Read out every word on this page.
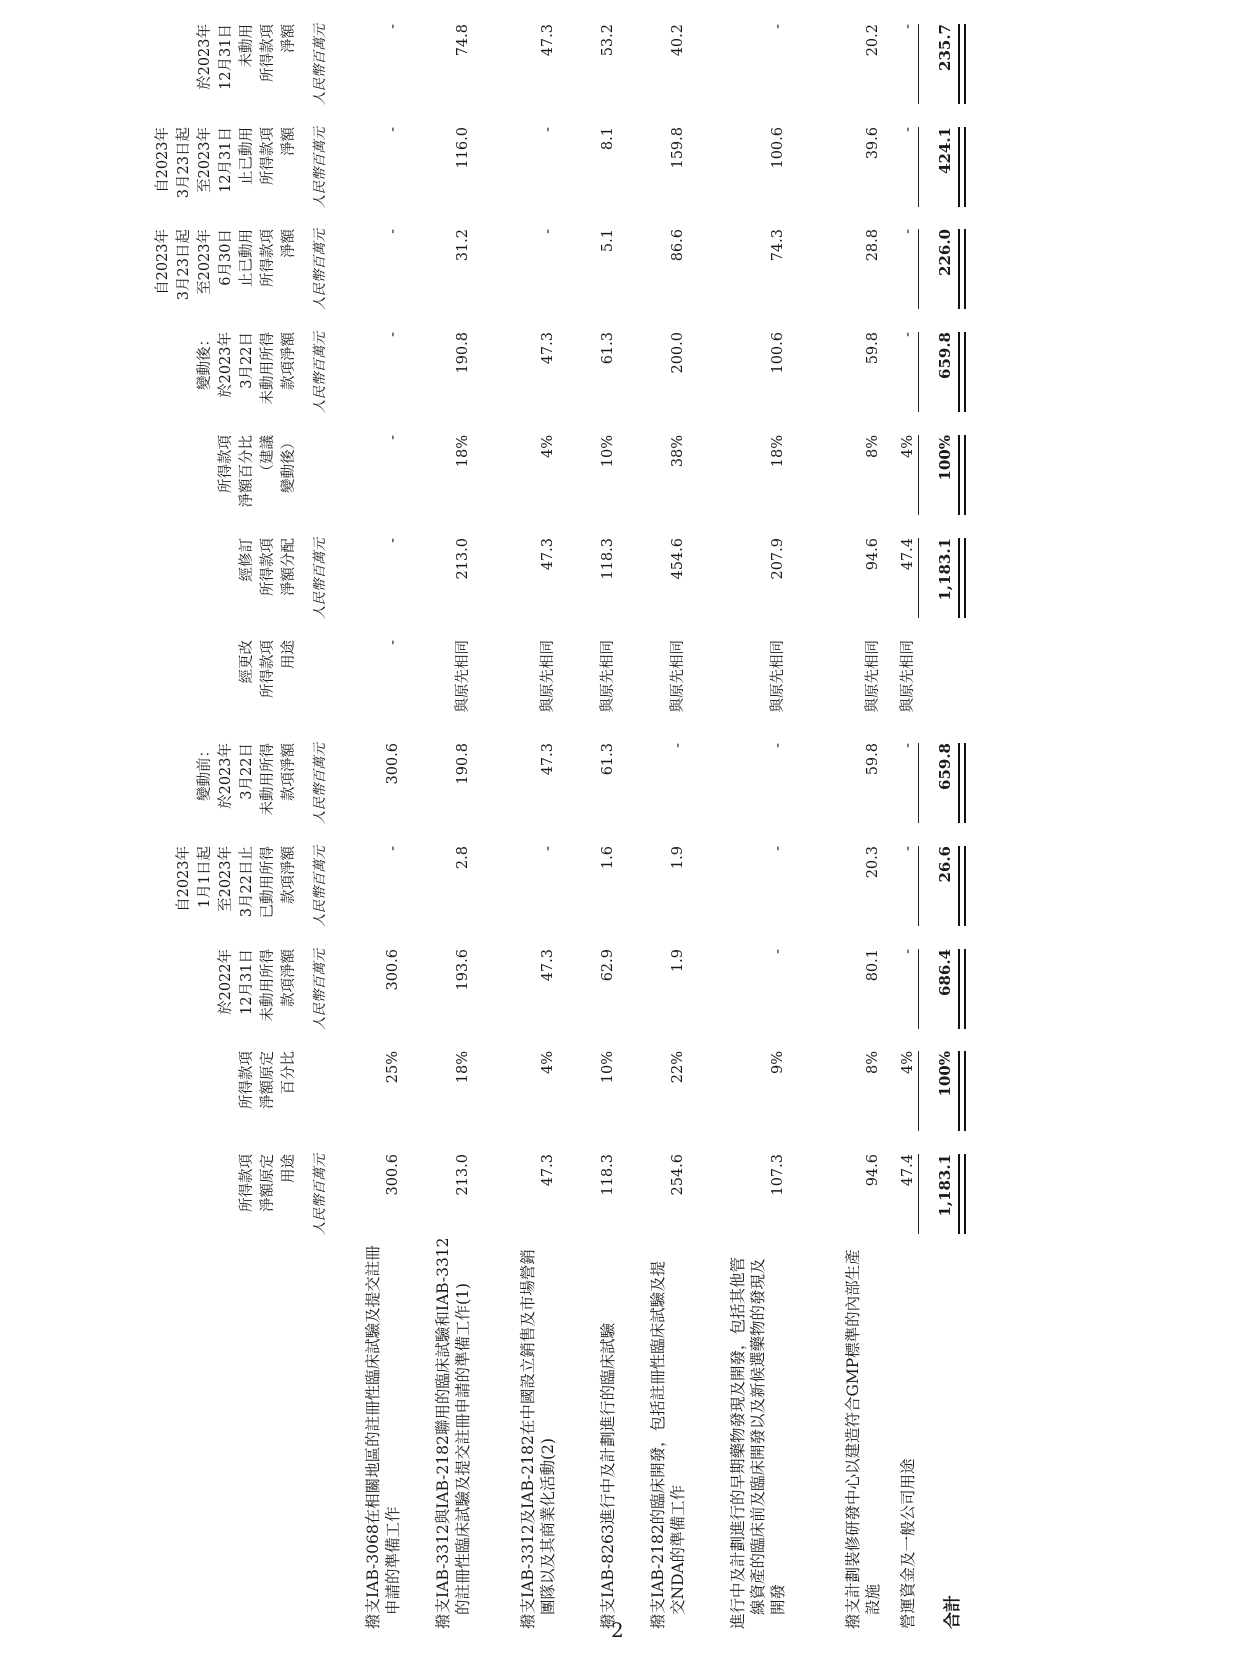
所得款項
淨額原定
用途 人民幣百萬元
所得款項
淨額原定
百分比
於2022年
12月31日
未動用所得
款項淨額 人民幣百萬元
自2023年
1月1日起
至2023年
3月22日止
已動用所得
款項淨額 人民幣百萬元
變動前：
於2023年
3月22日
未動用所得
款項淨額 人民幣百萬元
經更改
所得款項
用途
經修訂
所得款項
淨額分配 人民幣百萬元
所得款項
淨額百分比
（建議
變動後）
變動後：
於2023年
3月22日
未動用所得
款項淨額 人民幣百萬元
自2023年
3月23日起
至2023年
6月30日
止已動用
所得款項
淨額 人民幣百萬元
自2023年
3月23日起
至2023年
12月31日
止已動用
所得款項
淨額 人民幣百萬元
於2023年
12月31日
未動用
所得款項
淨額 人民幣百萬元
撥支IAB-3068在相關地區的註冊性臨床試驗及提交註冊 申請的準備工作
300.6
25%
300.6
-
300.6
-
-
-
-
-
-
-
撥支IAB-3312與IAB-2182聯用的臨床試驗和IAB-3312 的註冊性臨床試驗及提交註冊申請的準備工作(1)
213.0
18%
193.6
2.8
190.8
與原先相同
213.0
18%
190.8
31.2
116.0
74.8
撥支IAB-3312及IAB-2182在中國設立銷售及市場營銷 團隊以及其商業化活動(2)
47.3
4%
47.3
-
47.3
與原先相同
47.3
4%
47.3
-
-
47.3
撥支IAB-8263進行中及計劃進行的臨床試驗
118.3
10%
62.9
1.6
61.3
與原先相同
118.3
10%
61.3
5.1
8.1
53.2
撥支IAB-2182的臨床開發，包括註冊性臨床試驗及提 交NDA的準備工作
254.6
22%
1.9
1.9
-
與原先相同
454.6
38%
200.0
86.6
159.8
40.2
進行中及計劃進行的早期藥物發現及開發，包括其他管 線資產的臨床前及臨床開發以及新候選藥物的發現及 開發
107.3
9%
-
-
-
與原先相同
207.9
18%
100.6
74.3
100.6
-
撥支計劃裝修研發中心以建造符合GMP標準的內部生產 設施
94.6
8%
80.1
20.3
59.8
與原先相同
94.6
8%
59.8
28.8
39.6
20.2
營運資金及一般公司用途
47.4
4%
-
-
-
與原先相同
47.4
4%
-
-
-
-
合計
1,183.1
100%
686.4
26.6
659.8
1,183.1
100%
659.8
226.0
424.1
235.7
2
